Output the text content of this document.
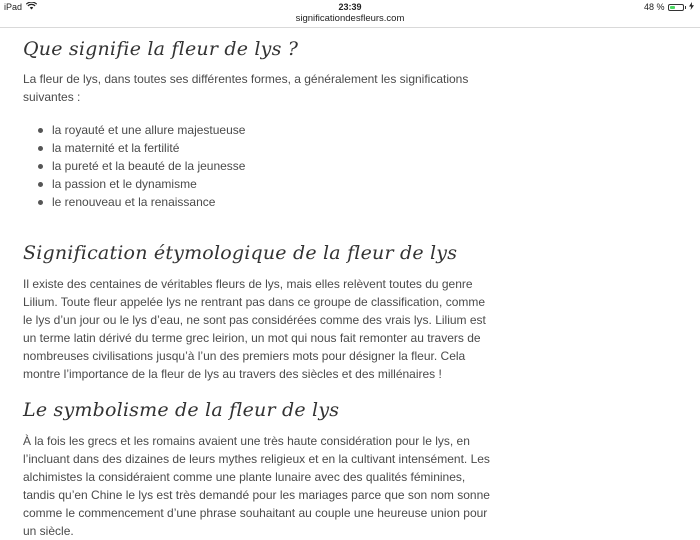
iPad	23:39	48 %
significationdesfleurs.com
Que signifie la fleur de lys ?

La fleur de lys, dans toutes ses différentes formes, a généralement les significations suivantes :

la royauté et une allure majestueuse
la maternité et la fertilité
la pureté et la beauté de la jeunesse
la passion et le dynamisme
le renouveau et la renaissance
Signification étymologique de la fleur de lys

Il existe des centaines de véritables fleurs de lys, mais elles relèvent toutes du genre Lilium. Toute fleur appelée lys ne rentrant pas dans ce groupe de classification, comme le lys d’un jour ou le lys d’eau, ne sont pas considérées comme des vrais lys. Lilium est un terme latin dérivé du terme grec leirion, un mot qui nous fait remonter au travers de nombreuses civilisations jusqu’à l’un des premiers mots pour désigner la fleur. Cela montre l’importance de la fleur de lys au travers des siècles et des millénaires !

Le symbolisme de la fleur de lys

À la fois les grecs et les romains avaient une très haute considération pour le lys, en l’incluant dans des dizaines de leurs mythes religieux et en la cultivant intensément. Les alchimistes la considéraient comme une plante lunaire avec des qualités féminines, tandis qu’en Chine le lys est très demandé pour les mariages parce que son nom sonne comme le commencement d’une phrase souhaitant au couple une heureuse union pour un siècle.
